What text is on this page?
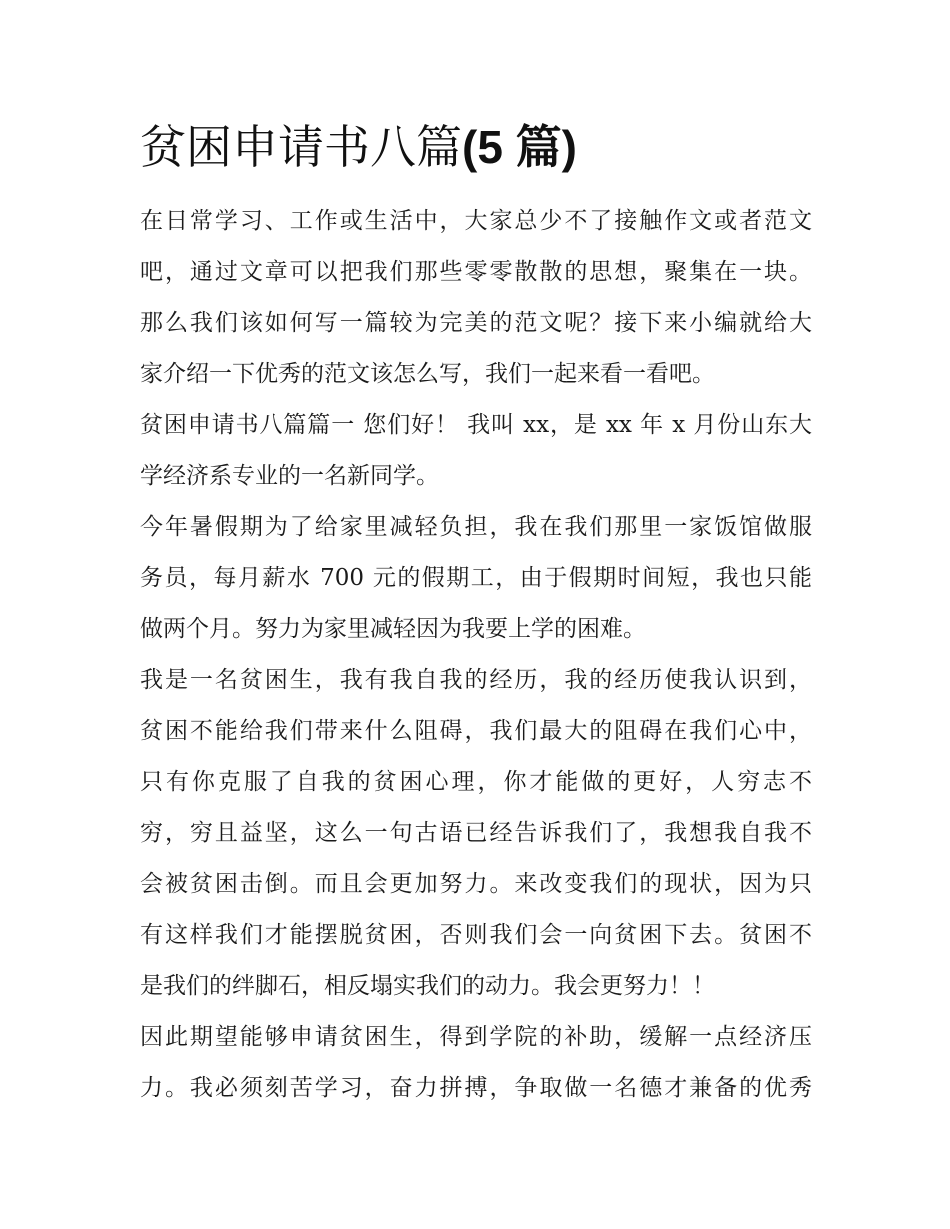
贫困申请书八篇(5 篇)
在日常学习、工作或生活中，大家总少不了接触作文或者范文
吧，通过文章可以把我们那些零零散散的思想，聚集在一块。
那么我们该如何写一篇较为完美的范文呢？接下来小编就给大
家介绍一下优秀的范文该怎么写，我们一起来看一看吧。
贫困申请书八篇篇一 您们好！ 我叫 xx，是 xx 年 x 月份山东大
学经济系专业的一名新同学。
今年暑假期为了给家里减轻负担，我在我们那里一家饭馆做服
务员，每月薪水 700 元的假期工，由于假期时间短，我也只能
做两个月。努力为家里减轻因为我要上学的困难。
我是一名贫困生，我有我自我的经历，我的经历使我认识到，
贫困不能给我们带来什么阻碍，我们最大的阻碍在我们心中，
只有你克服了自我的贫困心理，你才能做的更好，人穷志不
穷，穷且益坚，这么一句古语已经告诉我们了，我想我自我不
会被贫困击倒。而且会更加努力。来改变我们的现状，因为只
有这样我们才能摆脱贫困，否则我们会一向贫困下去。贫困不
是我们的绊脚石，相反塌实我们的动力。我会更努力！！
因此期望能够申请贫困生，得到学院的补助，缓解一点经济压
力。我必须刻苦学习，奋力拼搏，争取做一名德才兼备的优秀
